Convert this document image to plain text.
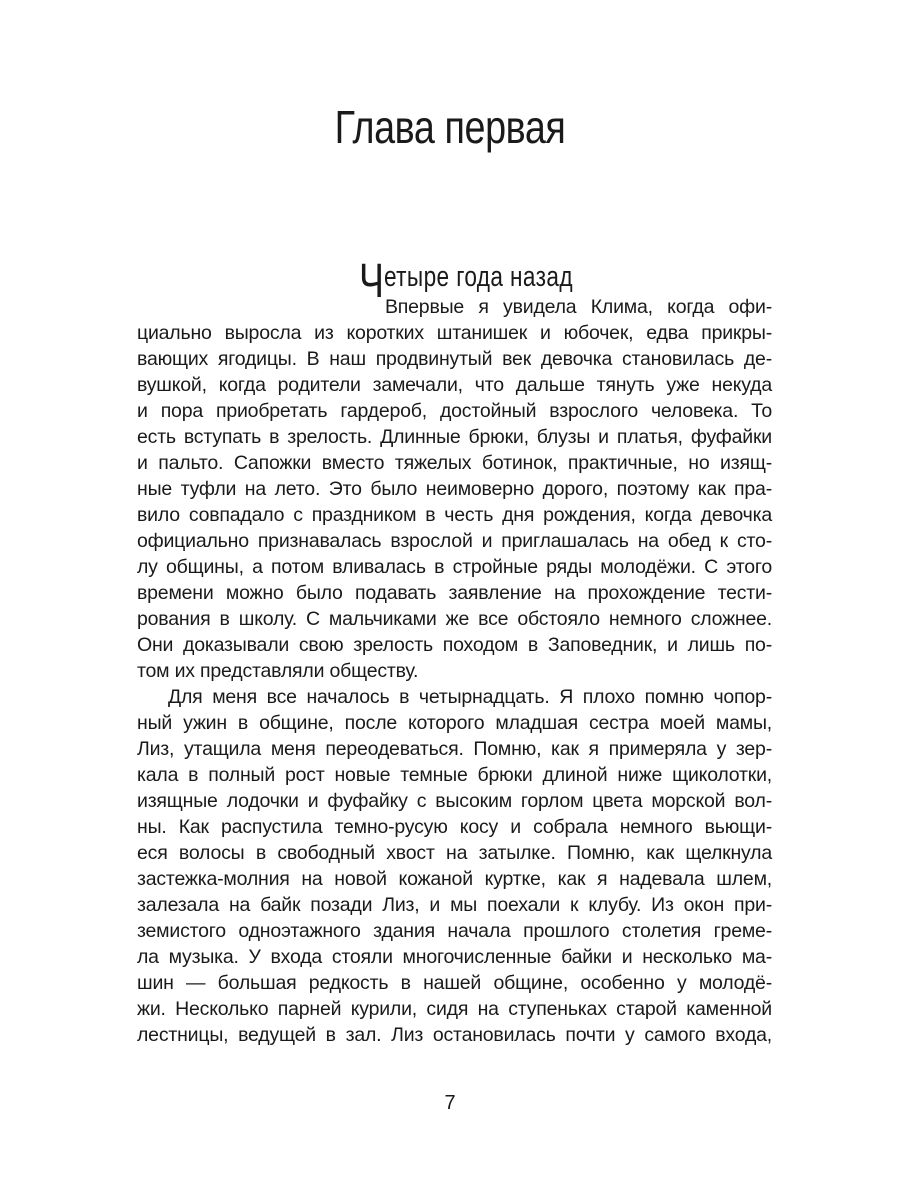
Глава первая
Четыре года назад
Впервые я увидела Клима, когда офи-
циально выросла из коротких штанишек и юбочек, едва прикры-
вающих ягодицы. В наш продвинутый век девочка становилась де-
вушкой, когда родители замечали, что дальше тянуть уже некуда
и пора приобретать гардероб, достойный взрослого человека. То
есть вступать в зрелость. Длинные брюки, блузы и платья, фуфайки
и пальто. Сапожки вместо тяжелых ботинок, практичные, но изящ-
ные туфли на лето. Это было неимоверно дорого, поэтому как пра-
вило совпадало с праздником в честь дня рождения, когда девочка
официально признавалась взрослой и приглашалась на обед к сто-
лу общины, а потом вливалась в стройные ряды молодёжи. С этого
времени можно было подавать заявление на прохождение тести-
рования в школу. С мальчиками же все обстояло немного сложнее.
Они доказывали свою зрелость походом в Заповедник, и лишь по-
том их представляли обществу.
Для меня все началось в четырнадцать. Я плохо помню чопор-
ный ужин в общине, после которого младшая сестра моей мамы,
Лиз, утащила меня переодеваться. Помню, как я примеряла у зер-
кала в полный рост новые темные брюки длиной ниже щиколотки,
изящные лодочки и фуфайку с высоким горлом цвета морской вол-
ны. Как распустила темно-русую косу и собрала немного вьющи-
еся волосы в свободный хвост на затылке. Помню, как щелкнула
застежка-молния на новой кожаной куртке, как я надевала шлем,
залезала на байк позади Лиз, и мы поехали к клубу. Из окон при-
земистого одноэтажного здания начала прошлого столетия греме-
ла музыка. У входа стояли многочисленные байки и несколько ма-
шин — большая редкость в нашей общине, особенно у молодё-
жи. Несколько парней курили, сидя на ступеньках старой каменной
лестницы, ведущей в зал. Лиз остановилась почти у самого входа,
7
